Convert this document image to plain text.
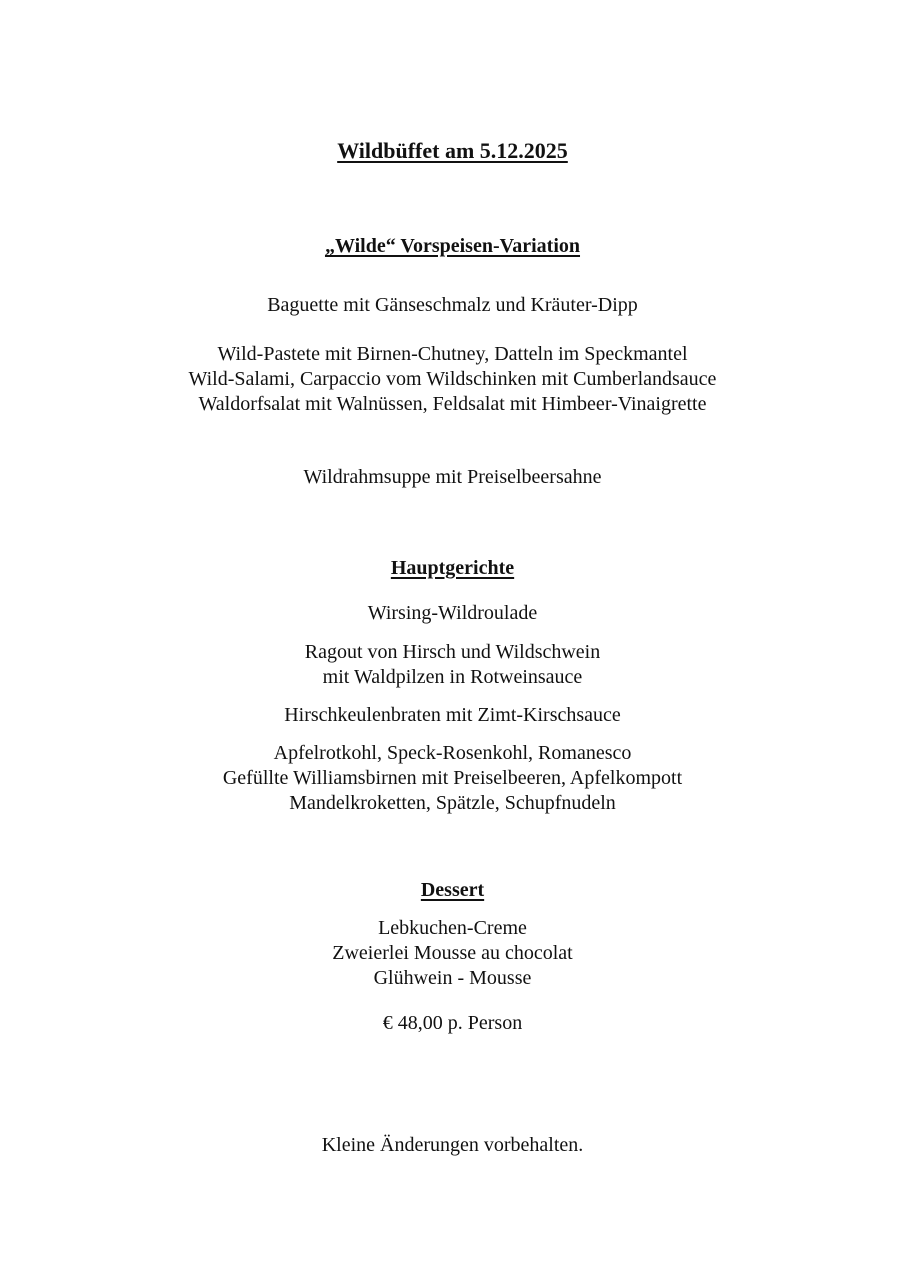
Wildbüffet am 5.12.2025
„Wilde“ Vorspeisen-Variation
Baguette mit Gänseschmalz und Kräuter-Dipp
Wild-Pastete mit Birnen-Chutney, Datteln im Speckmantel
Wild-Salami, Carpaccio vom Wildschinken mit Cumberlandsauce
Waldorfsalat mit Walnüssen, Feldsalat mit Himbeer-Vinaigrette
Wildrahmsuppe mit Preiselbeersahne
Hauptgerichte
Wirsing-Wildroulade
Ragout von Hirsch und Wildschwein
mit Waldpilzen in Rotweinsauce
Hirschkeulenbraten mit Zimt-Kirschsauce
Apfelrotkohl, Speck-Rosenkohl, Romanesco
Gefüllte Williamsbirnen mit Preiselbeeren, Apfelkompott
Mandelkroketten, Spätzle, Schupfnudeln
Dessert
Lebkuchen-Creme
Zweierlei Mousse au chocolat
Glühwein - Mousse
€ 48,00 p. Person
Kleine Änderungen vorbehalten.
